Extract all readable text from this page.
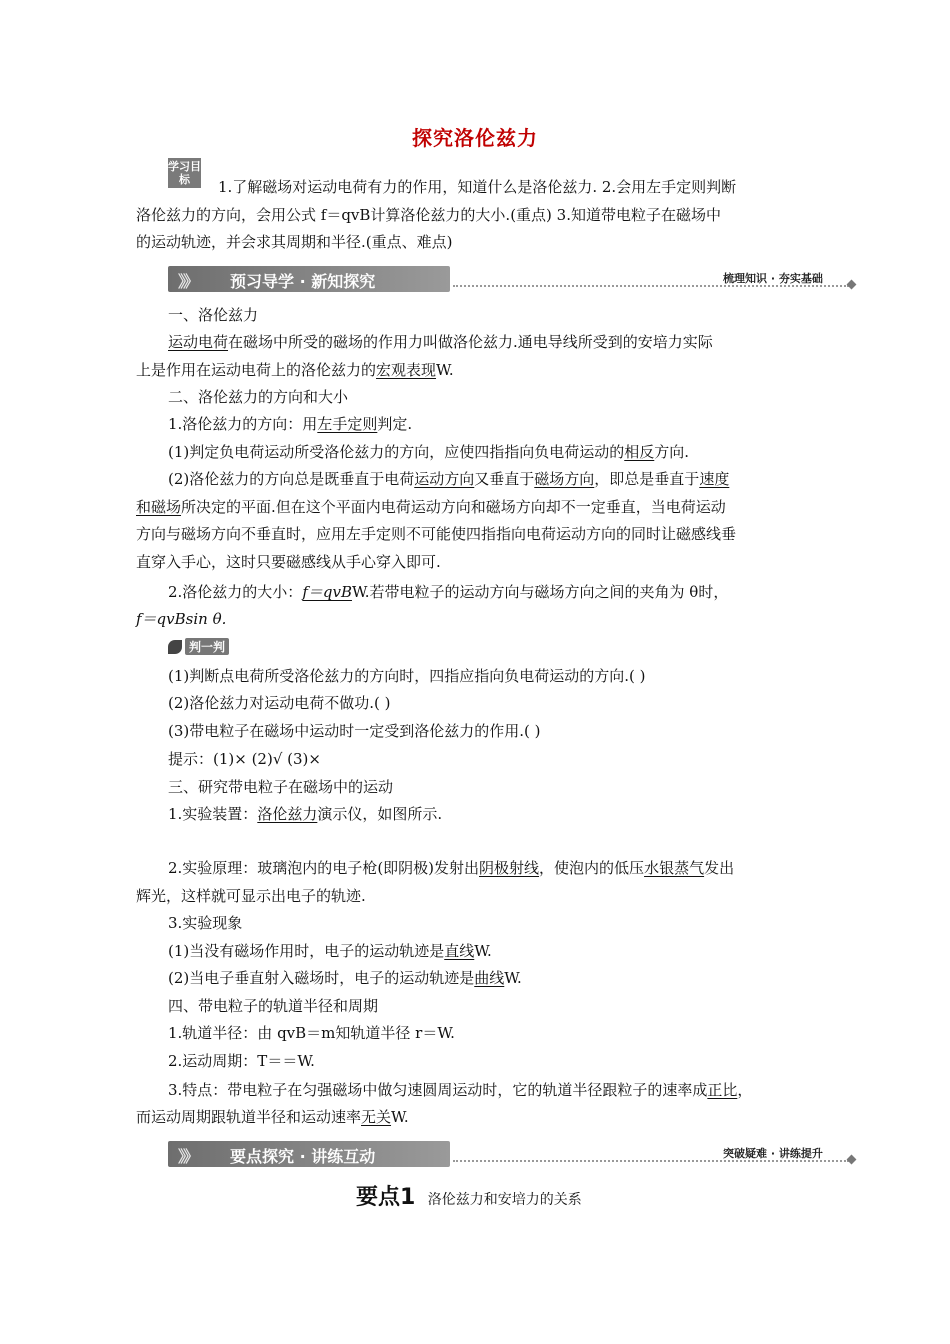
探究洛伦兹力
学习目标	1.了解磁场对运动电荷有力的作用，知道什么是洛伦兹力. 2.会用左手定则判断
洛伦兹力的方向，会用公式 f＝qvB计算洛伦兹力的大小.(重点) 3.知道带电粒子在磁场中
的运动轨迹，并会求其周期和半径.(重点、难点)
》》 预习导学 · 新知探究	梳理知识 · 夯实基础
一、洛伦兹力
运动电荷在磁场中所受的磁场的作用力叫做洛伦兹力.通电导线所受到的安培力实际
上是作用在运动电荷上的洛伦兹力的宏观表现W.
二、洛伦兹力的方向和大小
1.洛伦兹力的方向：用左手定则判定.
(1)判定负电荷运动所受洛伦兹力的方向，应使四指指向负电荷运动的相反方向.
(2)洛伦兹力的方向总是既垂直于电荷运动方向又垂直于磁场方向，即总是垂直于速度
和磁场所决定的平面.但在这个平面内电荷运动方向和磁场方向却不一定垂直，当电荷运动
方向与磁场方向不垂直时，应用左手定则不可能使四指指向电荷运动方向的同时让磁感线垂
直穿入手心，这时只要磁感线从手心穿入即可.
2.洛伦兹力的大小：f＝qvBW.若带电粒子的运动方向与磁场方向之间的夹角为 θ时，
f＝qvBsin θ.
判一判
(1)判断点电荷所受洛伦兹力的方向时，四指应指向负电荷运动的方向.( )
(2)洛伦兹力对运动电荷不做功.( )
(3)带电粒子在磁场中运动时一定受到洛伦兹力的作用.( )
提示：(1)× (2)√ (3)×
三、研究带电粒子在磁场中的运动
1.实验装置：洛伦兹力演示仪，如图所示.
2.实验原理：玻璃泡内的电子枪(即阴极)发射出阴极射线，使泡内的低压水银蒸气发出
辉光，这样就可显示出电子的轨迹.
3.实验现象
(1)当没有磁场作用时，电子的运动轨迹是直线W.
(2)当电子垂直射入磁场时，电子的运动轨迹是曲线W.
四、带电粒子的轨道半径和周期
1.轨道半径：由 qvB＝m知轨道半径 r＝W.
2.运动周期：T＝＝W.
3.特点：带电粒子在匀强磁场中做匀速圆周运动时，它的轨道半径跟粒子的速率成正比，
而运动周期跟轨道半径和运动速率无关W.
》》 要点探究 · 讲练互动	突破疑难 · 讲练提升
要点1 洛伦兹力和安培力的关系
